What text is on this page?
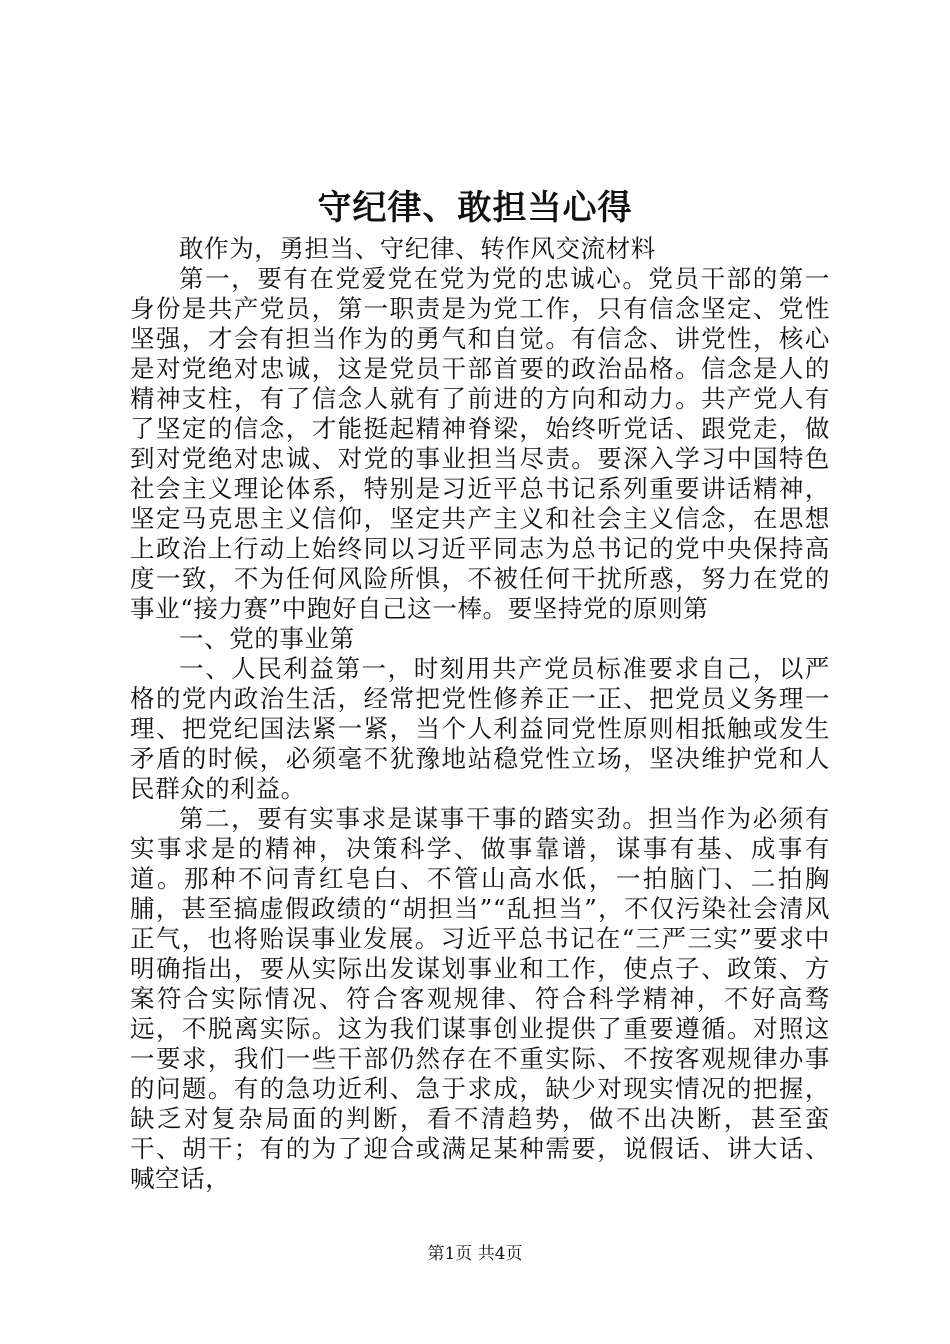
守纪律、敢担当心得

敢作为，勇担当、守纪律、转作风交流材料

第一，要有在党爱党在党为党的忠诚心。党员干部的第一身份是共产党员，第一职责是为党工作，只有信念坚定、党性坚强，才会有担当作为的勇气和自觉。有信念、讲党性，核心是对党绝对忠诚，这是党员干部首要的政治品格。信念是人的精神支柱，有了信念人就有了前进的方向和动力。共产党人有了坚定的信念，才能挺起精神脊梁，始终听党话、跟党走，做到对党绝对忠诚、对党的事业担当尽责。要深入学习中国特色社会主义理论体系，特别是习近平总书记系列重要讲话精神，坚定马克思主义信仰，坚定共产主义和社会主义信念，在思想上政治上行动上始终同以习近平同志为总书记的党中央保持高度一致，不为任何风险所惧，不被任何干扰所惑，努力在党的事业“接力赛”中跑好自己这一棒。要坚持党的原则第

一、党的事业第

一、人民利益第一，时刻用共产党员标准要求自己，以严格的党内政治生活，经常把党性修养正一正、把党员义务理一理、把党纪国法紧一紧，当个人利益同党性原则相抵触或发生矛盾的时候，必须毫不犹豫地站稳党性立场，坚决维护党和人民群众的利益。

第二，要有实事求是谋事干事的踏实劲。担当作为必须有实事求是的精神，决策科学、做事靠谱，谋事有基、成事有道。那种不问青红皂白、不管山高水低，一拍脑门、二拍胸脯，甚至搞虚假政绩的“胡担当”“乱担当”，不仅污染社会清风正气，也将贻误事业发展。习近平总书记在“三严三实”要求中明确指出，要从实际出发谋划事业和工作，使点子、政策、方案符合实际情况、符合客观规律、符合科学精神，不好高骛远，不脱离实际。这为我们谋事创业提供了重要遵循。对照这一要求，我们一些干部仍然存在不重实际、不按客观规律办事的问题。有的急功近利、急于求成，缺少对现实情况的把握，缺乏对复杂局面的判断，看不清趋势，做不出决断，甚至蛮干、胡干；有的为了迎合或满足某种需要，说假话、讲大话、喊空话，

第1页 共4页
